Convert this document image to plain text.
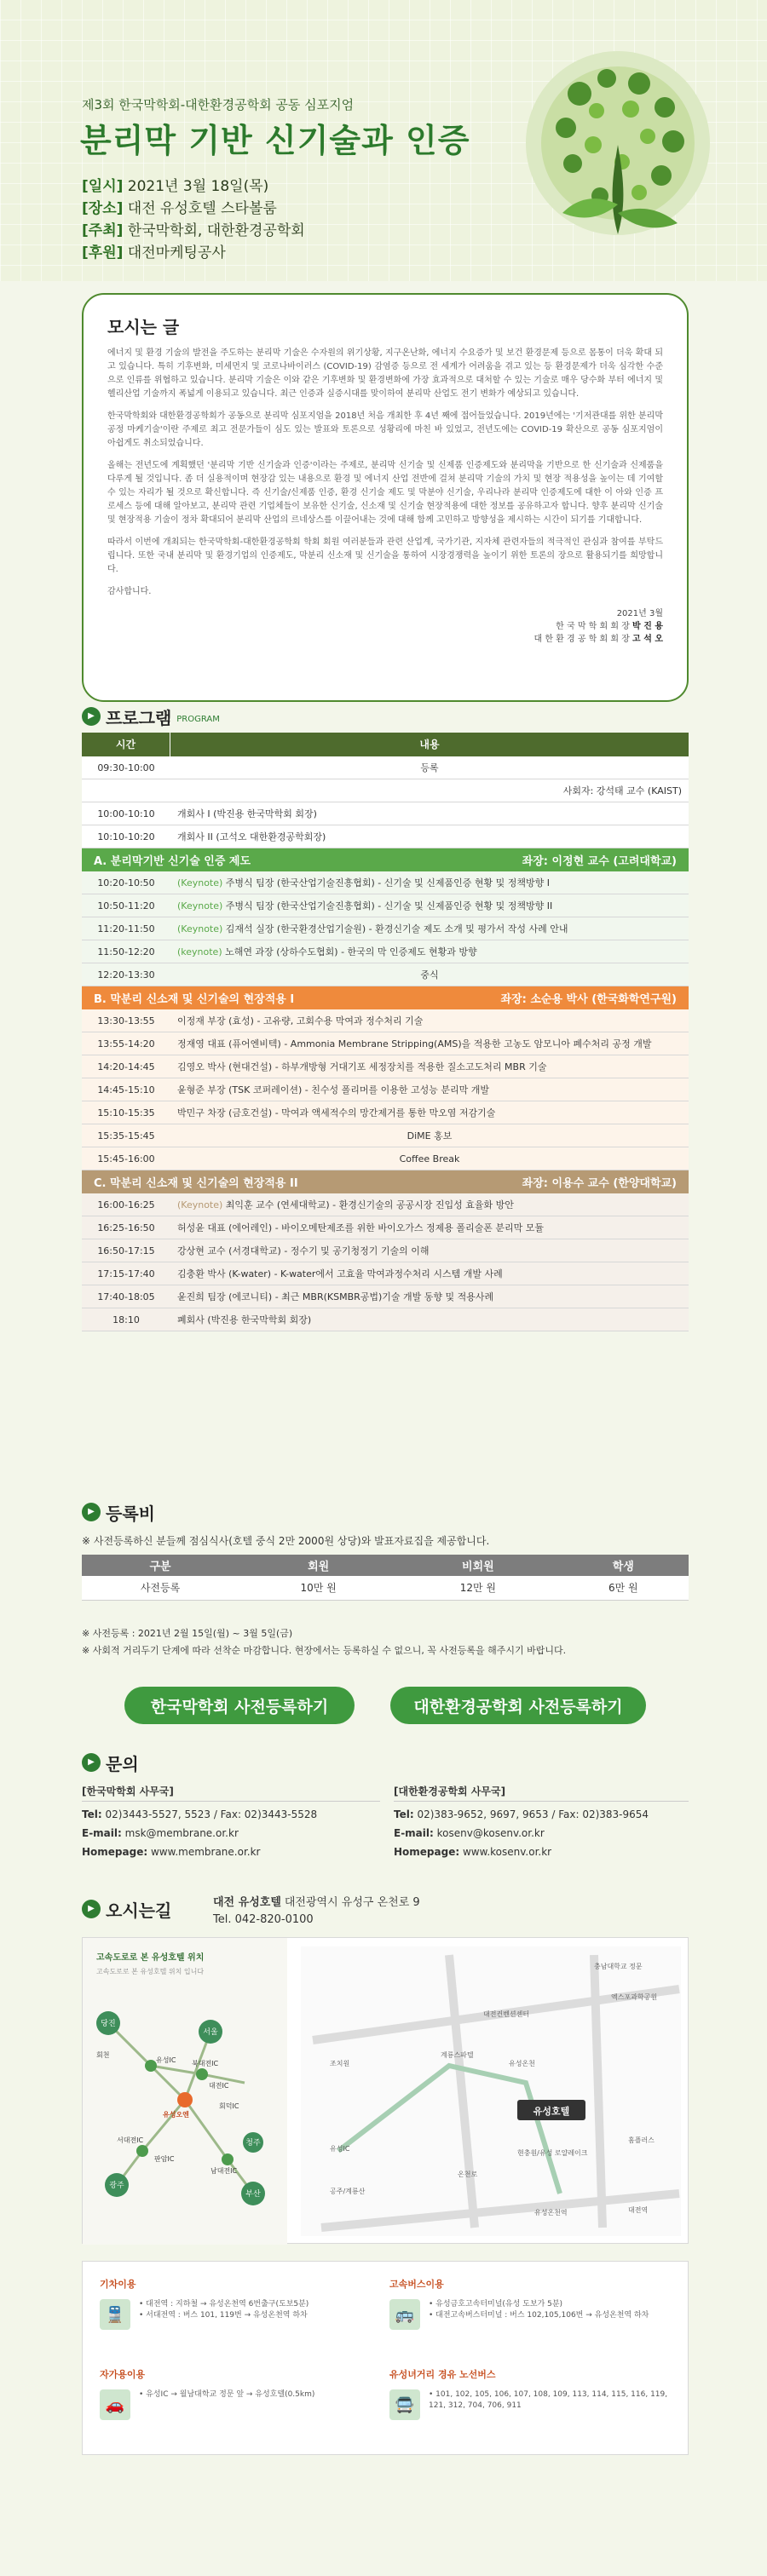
제3회 한국막학회-대한환경공학회 공동 심포지엄
분리막 기반 신기술과 인증
[일시] 2021년 3월 18일(목)
[장소] 대전 유성호텔 스타볼룸
[주최] 한국막학회, 대한환경공학회
[후원] 대전마케팅공사
모시는 글

에너지 및 환경 기술의 발전을 주도하는 분리막 기술은 수자원의 위기상황, 지구온난화, 에너지 수요증가 및 보건 환경문제 등으로 몸통이 더욱 확대 되고 있습니다. 특히 기후변화, 미세먼지 및 코로나바이러스 (COVID-19) 감염증 등으로 전 세계가 어려움을 겪고 있는 등 환경문제가 더욱 심각한 수준으로 인류를 위협하고 있습니다. 분리막 기술은 이와 같은 기후변화 및 환경변화에 가장 효과적으로 대처할 수 있는 기술로 매우 당수화 부터 에너지 및 헬리산업 기술까지 폭넓게 이용되고 있습니다. 최근 인증과 실증시대를 맞이하여 분리막 산업도 전기 변화가 예상되고 있습니다.

한국막학회와 대한환경공학회가 공동으로 분리막 심포지엄을 2018년 처음 개최한 후 4년 째에 접어들었습니다. 2019년에는 '기저관대를 위한 분리막 공정 마케기술'이란 주제로 최고 전문가들이 심도 있는 발표와 토론으로 성황리에 마친 바 있었고, 전년도에는 COVID-19 확산으로 공동 심포지엄이 아쉽게도 취소되었습니다.

올해는 전년도에 계획했던 '분리막 기반 신기술과 인증'이라는 주제로, 분리막 신기술 및 신제품 인증제도와 분리막을 기반으로 한 신기술과 신제품을 다루게 될 것입니다. 좀 더 실용적이며 현장감 있는 내용으로 환경 및 에너지 산업 전반에 걸쳐 분리막 기술의 가치 및 현장 적용성을 높이는 데 기여할 수 있는 자리가 될 것으로 확신합니다. 즉 신기술/신제품 인증, 환경 신기술 제도 및 막분야 신기술, 우리나라 분리막 인증제도에 대한 이 아와 인증 프로세스 등에 대해 알아보고, 분리막 관련 기업체들이 보유한 신기술, 신소재 및 신기술 현장적용에 대한 정보를 공유하고자 합니다. 향후 분리막 신기술 및 현장적용 기술이 정차 확대되어 분리막 산업의 르네상스를 이끌어내는 것에 대해 함께 고민하고 방향성을 제시하는 시간이 되기를 기대합니다.

따라서 이번에 개최되는 한국막학회-대한환경공학회 학회 회원 여러분들과 관련 산업계, 국가기관, 지자체 관련자들의 적극적인 관심과 참여를 부탁드립니다. 또한 국내 분리막 및 환경기업의 인증제도, 막분리 신소재 및 신기술을 통하여 시장경쟁력을 높이기 위한 토론의 장으로 활용되기를 희망합니다.

감사합니다.

2021년 3월
한 국 막 학 회 회 장 박 진 용
대 한 환 경 공 학 회 회 장 고 석 오
▶ 프로그램 PROGRAM
시간	내용
09:30-10:00	등록
사회자: 강석태 교수 (KAIST)
10:00-10:10	개회사 I (박진용 한국막학회 회장)
10:10-10:20	개회사 II (고석오 대한환경공학회장)
A. 분리막기반 신기술 인증 제도	좌장: 이정현 교수 (고려대학교)
10:20-10:50	(Keynote) 주병식 팀장 (한국산업기술진흥협회) - 신기술 및 신제품인증 현황 및 정책방향 I
10:50-11:20	(Keynote) 주병식 팀장 (한국산업기술진흥협회) - 신기술 및 신제품인증 현황 및 정책방향 II
11:20-11:50	(Keynote) 김재석 실장 (한국환경산업기술원) - 환경신기술 제도 소개 및 평가서 작성 사례 안내
11:50-12:20	(keynote) 노해연 과장 (상하수도협회) - 한국의 막 인증제도 현황과 방향
12:20-13:30	중식
B. 막분리 신소재 및 신기술의 현장적용 I	좌장: 소순용 박사 (한국화학연구원)
13:30-13:55	이정재 부장 (효성) - 고유량, 고회수용 막여과 정수처리 기술
13:55-14:20	정재영 대표 (퓨어엔비텍) - Ammonia Membrane Stripping(AMS)을 적용한 고농도 암모니아 폐수처리 공정 개발
14:20-14:45	김영오 박사 (현대건설) - 하부개방형 거대기포 세정장치를 적용한 질소고도처리 MBR 기술
14:45-15:10	윤형준 부장 (TSK 코퍼레이션) - 친수성 폴리머를 이용한 고성능 분리막 개발
15:10-15:35	박민구 차장 (금호건설) - 막여과 액세적수의 망간제거를 통한 막오염 저감기술
15:35-15:45	DiME 홍보
15:45-16:00	Coffee Break
C. 막분리 신소재 및 신기술의 현장적용 II	좌장: 이용수 교수 (한양대학교)
16:00-16:25	(Keynote) 최익훈 교수 (연세대학교) - 환경신기술의 공공시장 진입성 효율화 방안
16:25-16:50	허성윤 대표 (에어레인) - 바이오메탄제조를 위한 바이오가스 정제용 폴리술폰 분리막 모듈
16:50-17:15	강상현 교수 (서경대학교) - 정수기 및 공기청정기 기술의 이해
17:15-17:40	김충환 박사 (K-water) - K-water에서 고효율 막여과정수처리 시스템 개발 사례
17:40-18:05	윤진희 팀장 (에코니티) - 최근 MBR(KSMBR공법)기술 개발 동향 및 적용사례
18:10	폐회사 (박진용 한국막학회 회장)
▶ 등록비
※ 사전등록하신 분들께 점심식사(호텔 중식 2만 2000원 상당)와 발표자료집을 제공합니다.
구분	회원	비회원	학생
사전등록	10만 원	12만 원	6만 원
※ 사전등록 : 2021년 2월 15일(월) ~ 3월 5일(금)
※ 사회적 거리두기 단계에 따라 선착순 마감합니다. 현장에서는 등록하실 수 없으니, 꼭 사전등록을 해주시기 바랍니다.
한국막학회 사전등록하기	대한환경공학회 사전등록하기
▶ 문의
[한국막학회 사무국]
Tel: 02)3443-5527, 5523 / Fax: 02)3443-5528
E-mail: msk@membrane.or.kr
Homepage: www.membrane.or.kr
[대한환경공학회 사무국]
Tel: 02)383-9652, 9697, 9653 / Fax: 02)383-9654
E-mail: kosenv@kosenv.or.kr
Homepage: www.kosenv.or.kr
▶ 오시는길	대전 유성호텔 대전광역시 유성구 온천로 9
Tel. 042-820-0100
고속도로로 본 유성호텔 위치
고속도로로 본 유성호텔 위치 입니다
당진
서울
광주
부산
청주
유성IC 북대전IC
유성오엔
대전IC
서대전IC
판암IC
남대전IC
회덕IC
회천
유성호텔
충남대학교 정문
엑스포과학공원
대전컨벤션센터
계룡스파텔
유성온천
온천로
조치원
유성IC
대전역
공주/계룡산
현충원/유성 로얄레이크
홈플러스
유성온천역
기차이용
🚆
• 대전역 : 지하철 → 유성온천역 6번출구(도보5분)
• 서대전역 : 버스 101, 119번 → 유성온천역 하차
고속버스이용
🚌
• 유성금호고속터미널(유성 도보가 5분)
• 대전고속버스터미널 : 버스 102,105,106번 → 유성온천역 하차
자가용이용
🚗
• 유성IC → 월남대학교 정문 앞 → 유성호텔(0.5km)
유성녀거리 경유 노선버스
🚍
• 101, 102, 105, 106, 107, 108, 109, 113, 114, 115, 116, 119, 121, 312, 704, 706, 911
